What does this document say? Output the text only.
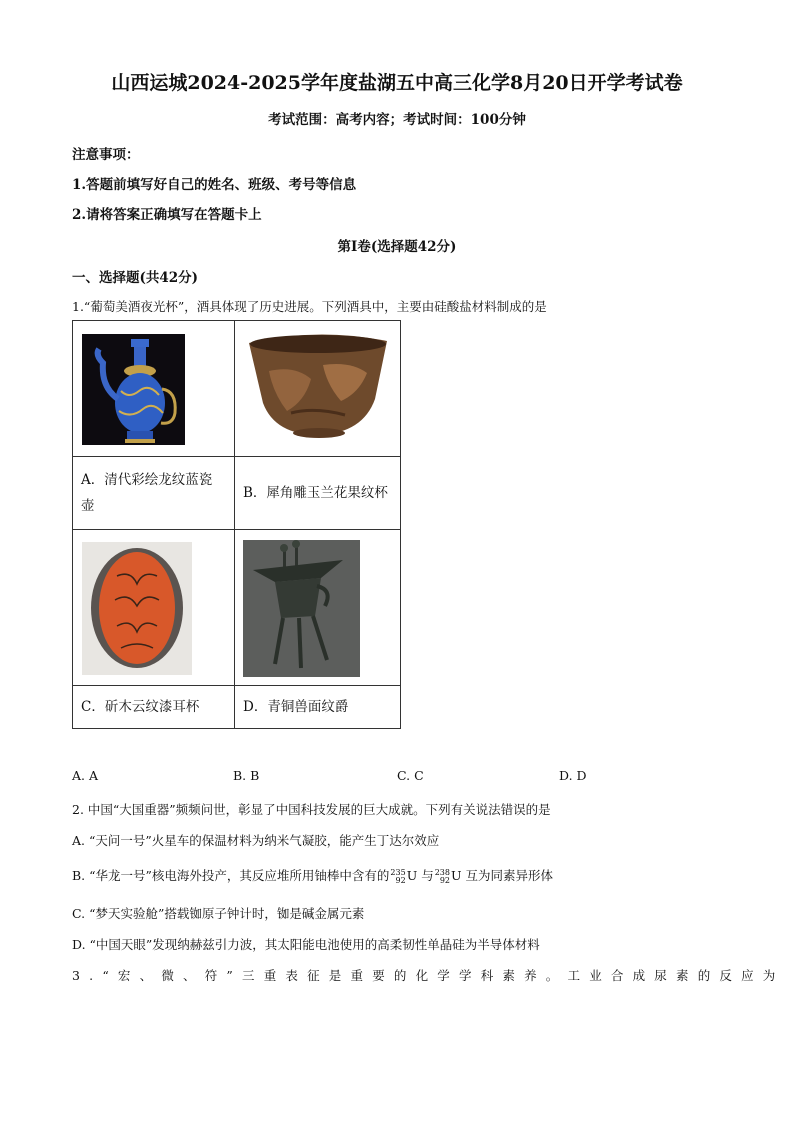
山西运城2024-2025学年度盐湖五中高三化学8月20日开学考试卷
考试范围：高考内容；考试时间：100分钟
注意事项：
1.答题前填写好自己的姓名、班级、考号等信息
2.请将答案正确填写在答题卡上
第I卷(选择题42分)
一、选择题(共42分)
1.“葡萄美酒夜光杯”，酒具体现了历史进展。下列酒具中，主要由硅酸盐材料制成的是

A．清代彩绘龙纹蓝瓷
壶	B．犀角雕玉兰花果纹杯

C．斫木云纹漆耳杯	D．青铜兽面纹爵
A. A	B. B	C. C	D. D
2. 中国“大国重器”频频问世，彰显了中国科技发展的巨大成就。下列有关说法错误的是
A. “天问一号”火星车的保温材料为纳米气凝胶，能产生丁达尔效应
B. “华龙一号”核电海外投产，其反应堆所用铀棒中含有的 235
92 U 与 238
92 U 互为同素异形体
C. “梦天实验舱”搭载铷原子钟计时，铷是碱金属元素
D. “中国天眼”发现纳赫兹引力波，其太阳能电池使用的高柔韧性单晶硅为半导体材料
3.“宏、微、符”三重表征是重要的化学学科素养。工业合成尿素的反应为
